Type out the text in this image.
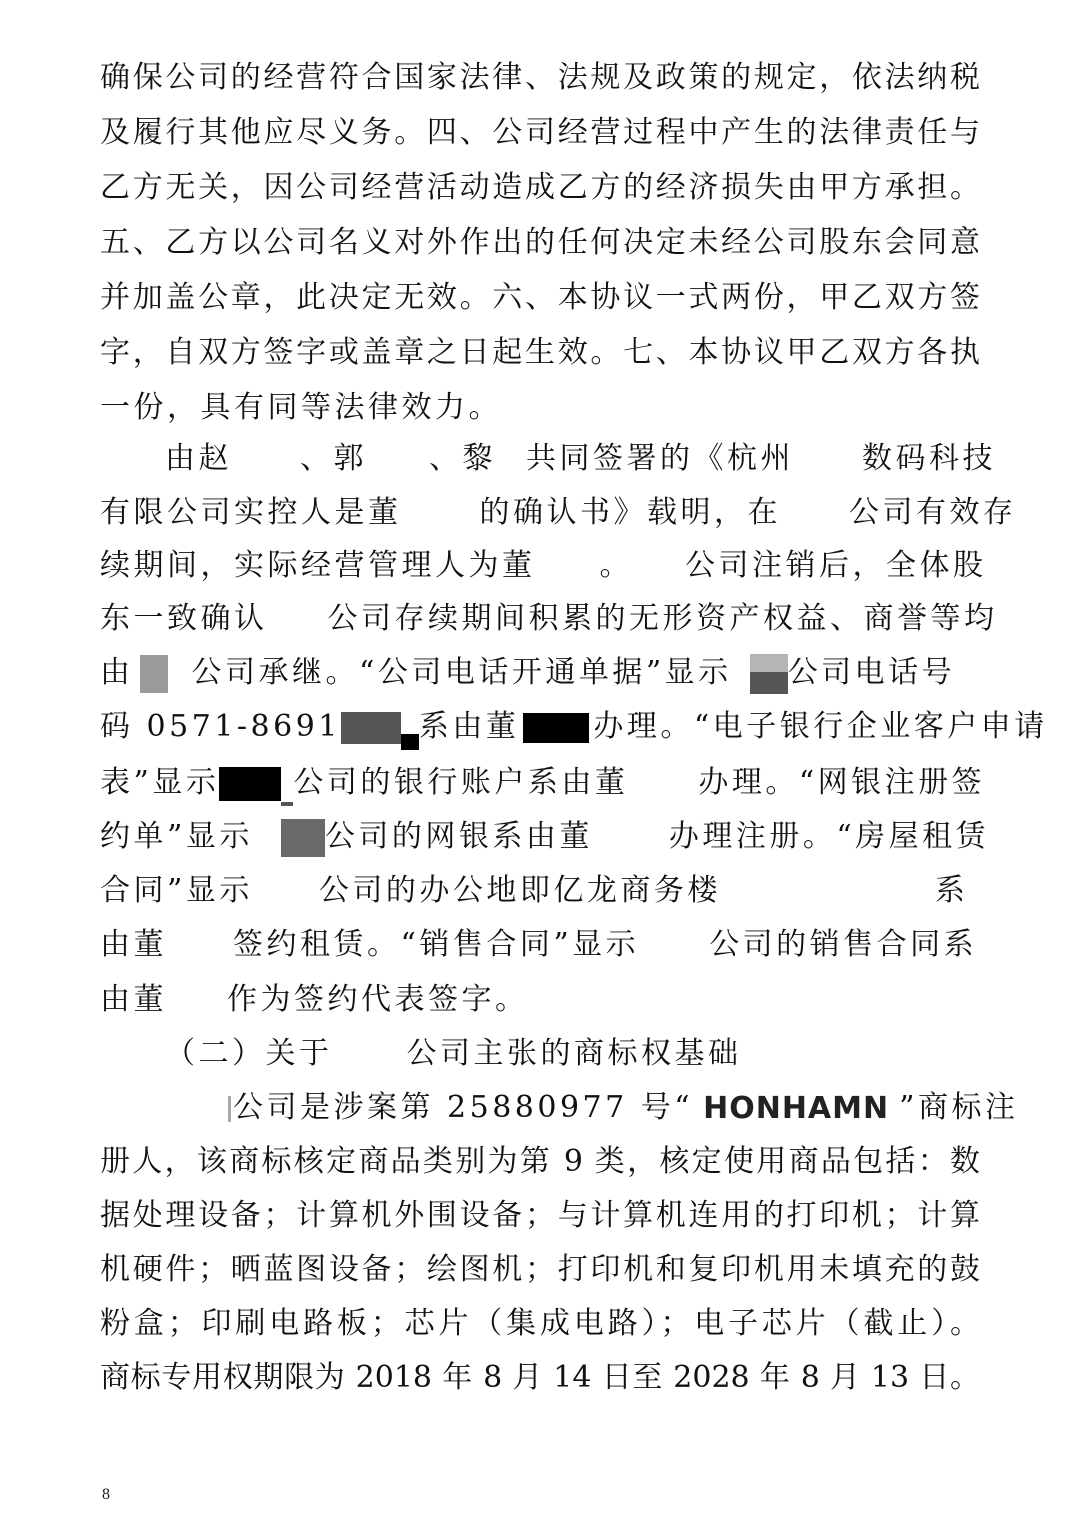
确保公司的经营符合国家法律、法规及政策的规定，依法纳税
及履行其他应尽义务。四、公司经营过程中产生的法律责任与
乙方无关，因公司经营活动造成乙方的经济损失由甲方承担。
五、乙方以公司名义对外作出的任何决定未经公司股东会同意
并加盖公章，此决定无效。六、本协议一式两份，甲乙双方签
字，自双方签字或盖章之日起生效。七、本协议甲乙双方各执
一份，具有同等法律效力。
由赵 、郭 、黎 共同签署的《杭州 数码科技
有限公司实控人是董	的确认书》载明，在 公司有效存
续期间，实际经营管理人为董 。 公司注销后，全体股
东一致确认 公司存续期间积累的无形资产权益、商誉等均
由 公司承继。“公司电话开通单据”显示 公司电话号
码 0571-8691	系由董 办理。“电子银行企业客户申请
表”显示 公司的银行账户系由董 办理。“网银注册签
约单”显示 公司的网银系由董	办理注册。“房屋租赁
合同”显示 公司的办公地即亿龙商务楼	系
由董 签约租赁。“销售合同”显示 公司的销售合同系
由董 作为签约代表签字。
（二）关于 公司主张的商标权基础
公司是涉案第 25880977 号“ HONHAMN ”商标注
册人，该商标核定商品类别为第 9 类，核定使用商品包括：数
据处理设备；计算机外围设备；与计算机连用的打印机；计算
机硬件；晒蓝图设备；绘图机；打印机和复印机用未填充的鼓
粉盒；印刷电路板；芯片（集成电路）；电子芯片（截止）。
商标专用权期限为 2018 年 8 月 14 日至 2028 年 8 月 13 日。
8
